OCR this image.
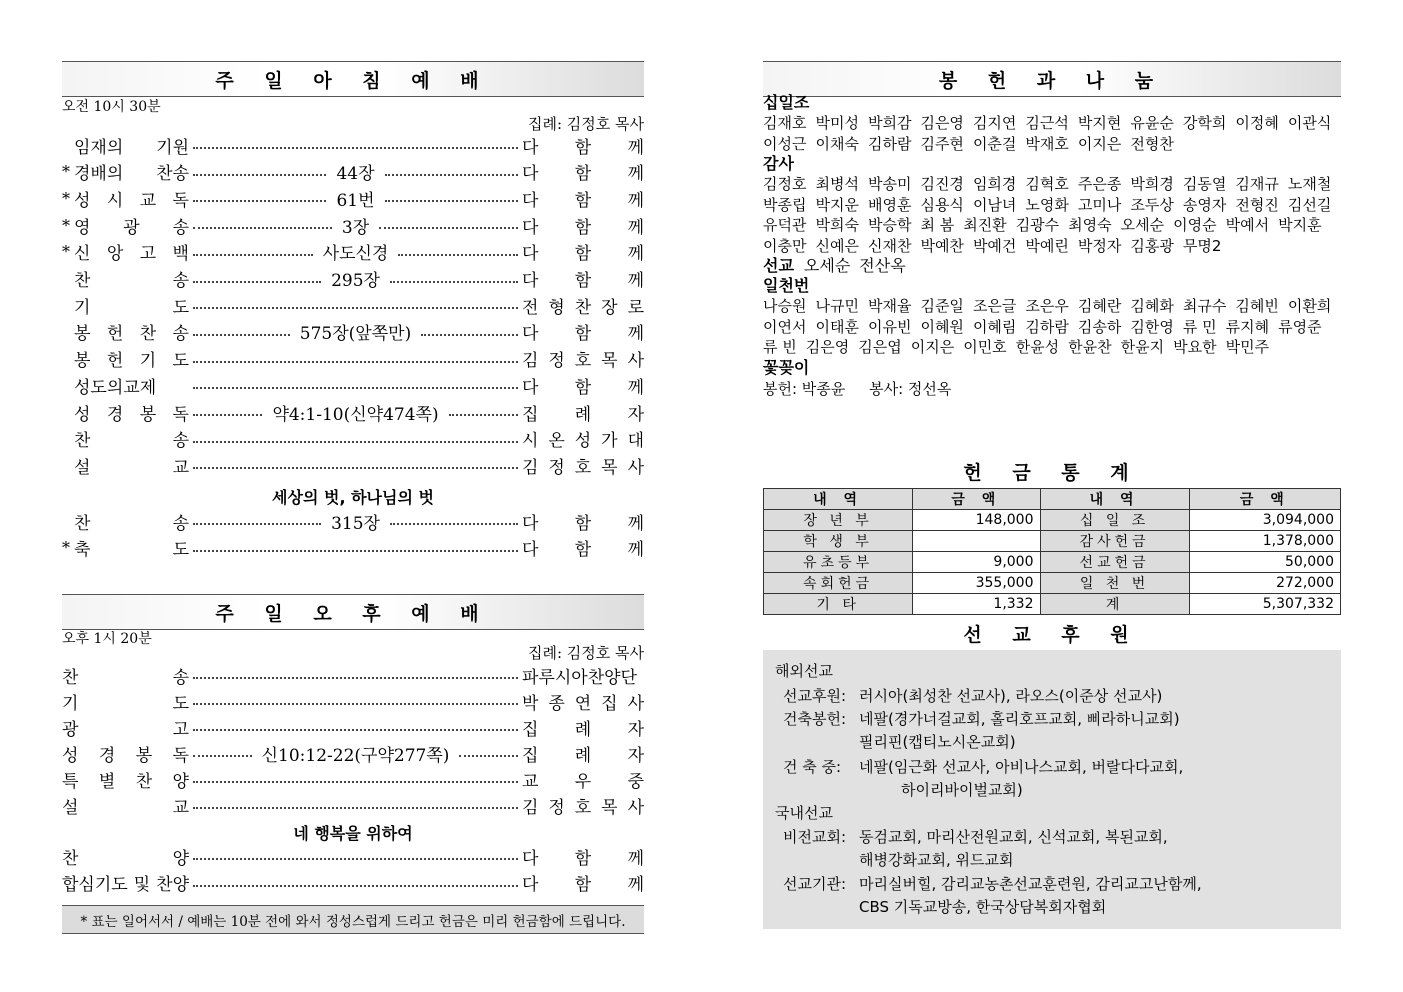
주 일 아 침 예 배
오전 10시 30분
집례: 김정호 목사
임재의 기원	다 함 께
* 경배의 찬송	44장	다 함 께
* 성 시 교 독	61번	다 함 께
* 영 광 송	3장	다 함 께
* 신 앙 고 백	사도신경	다 함 께
찬	송	295장	다 함 께
기	도	전 형 찬 장 로
봉 헌 찬 송	575장(앞쪽만)	다 함 께
봉 헌 기 도	김 정 호 목 사
성도의교제	다 함 께
성 경 봉 독	약4:1-10(신약474쪽)	집 례 자
찬	송	시 온 성 가 대
설	교	김 정 호 목 사
세상의 벗, 하나님의 벗
찬	송	315장	다 함 께
* 축	도	다 함 께
주 일 오 후 예 배
오후 1시 20분
집례: 김정호 목사
찬	송	파루시아찬양단
기	도	박 종 연 집 사
광	고	집 례 자
성 경 봉 독	신10:12-22(구약277쪽)	집 례 자
특 별 찬 양	교 우 중
설	교	김 정 호 목 사
네 행복을 위하여
찬	양	다 함 께
합심기도 및 찬양	다 함 께
* 표는 일어서서 / 예배는 10분 전에 와서 정성스럽게 드리고 헌금은 미리 헌금함에 드립니다.
봉 헌 과 나 눔
십일조
김재호 박미성 박희감 김은영 김지연 김근석 박지현 유윤순 강학희 이정혜 이관식
이성근 이채숙 김하람 김주현 이춘걸 박재호 이지은 전형찬
감사
김정호 최병석 박송미 김진경 임희경 김혁호 주은종 박희경 김동열 김재규 노재철
박종립 박지운 배영훈 심용식 이남녀 노영화 고미나 조두상 송영자 전형진 김선길
유덕관 박희숙 박승학 최 봄 최진환 김광수 최영숙 오세순 이영순 박예서 박지훈
이충만 신예은 신재찬 박예찬 박예건 박예린 박정자 김홍광 무명2
선교 오세순 전산옥
일천번
나승원 나규민 박재율 김준일 조은글 조은우 김혜란 김혜화 최규수 김혜빈 이환희
이연서 이태훈 이유빈 이혜원 이혜림 김하람 김송하 김한영 류 민 류지혜 류영준
류 빈 김은영 김은엽 이지은 이민호 한윤성 한윤찬 한윤지 박요한 박민주
꽃꽂이
봉헌: 박종윤     봉사: 정선옥
헌 금 통 계
내 역	금 액	내 역	금 액
장 년 부	148,000	십 일 조	3,094,000
학 생 부		감사헌금	1,378,000
유초등부	9,000	선교헌금	50,000
속회헌금	355,000	일 천 번	272,000
기 타	1,332	계	5,307,332
선 교 후 원
해외선교
선교후원: 러시아(최성찬 선교사), 라오스(이준상 선교사)
건축봉헌: 네팔(경가너걸교회, 홀리호프교회, 삐라하니교회)
필리핀(캡티노시온교회)
건 축 중: 네팔(임근화 선교사, 아비나스교회, 버랄다다교회,
하이리바이벌교회)
국내선교
비전교회: 동검교회, 마리산전원교회, 신석교회, 복된교회,
해병강화교회, 위드교회
선교기관: 마리실버힐, 감리교농촌선교훈련원, 감리교고난함께,
CBS 기독교방송, 한국상담복회자협회
